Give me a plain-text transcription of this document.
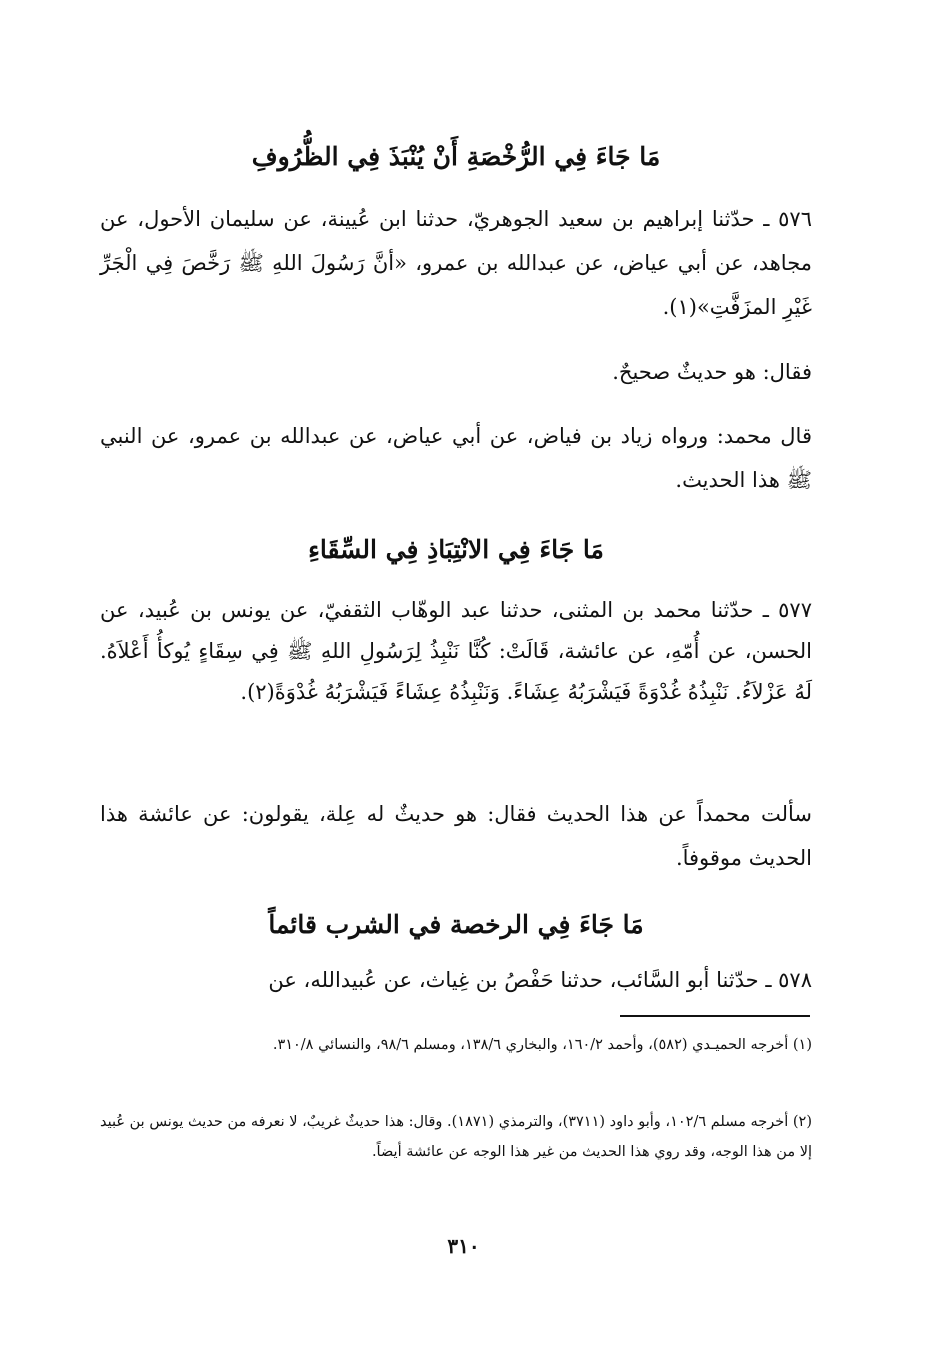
مَا جَاءَ فِي الرُّخْصَةِ أَنْ يُنْبَذَ فِي الظُّرُوفِ
٥٧٦ ـ حدّثنا إبراهيم بن سعيد الجوهريّ، حدثنا ابن عُيينة، عن سليمان الأحول، عن مجاهد، عن أبي عياض، عن عبدالله بن عمرو، «أنَّ رَسُولَ اللهِ ﷺ رَخَّصَ فِي الْجَرِّ غَيْرِ المزَفَّتِ»(١).
فقال: هو حديثٌ صحيحٌ.
قال محمد: ورواه زياد بن فياض، عن أبي عياض، عن عبدالله بن عمرو، عن النبي ﷺ هذا الحديث.
مَا جَاءَ فِي الانْتِبَاذِ فِي السِّقَاءِ
٥٧٧ ـ حدّثنا محمد بن المثنى، حدثنا عبد الوهّاب الثقفيّ، عن يونس بن عُبيد، عن الحسن، عن أُمّهِ، عن عائشة، قَالَتْ: كُنَّا نَنْبِذُ لِرَسُولِ اللهِ ﷺ فِي سِقَاءٍ يُوكأُ أَعْلاَهُ. لَهُ عَزْلاَءُ. نَنْبِذُهُ غُدْوَةً فَيَشْرَبُهُ عِشَاءً. وَنَنْبِذُهُ عِشَاءً فَيَشْرَبُهُ غُدْوَةً(٢).
سألت محمداً عن هذا الحديث فقال: هو حديثٌ له عِلة، يقولون: عن عائشة هذا الحديث موقوفاً.
مَا جَاءَ فِي الرخصة في الشرب قائماً
٥٧٨ ـ حدّثنا أبو السَّائب، حدثنا حَفْصُ بن غِياث، عن عُبيدالله، عن
(١) أخرجه الحميـدي (٥٨٢)، وأحمد ١٦٠/٢، والبخاري ١٣٨/٦، ومسلم ٩٨/٦، والنسائي ٣١٠/٨.
(٢) أخرجه مسلم ١٠٢/٦، وأبو داود (٣٧١١)، والترمذي (١٨٧١). وقال: هذا حديثٌ غريبٌ، لا نعرفه من حديث يونس بن عُبيد إلا من هذا الوجه، وقد روي هذا الحديث من غير هذا الوجه عن عائشة أيضاً.
٣١٠
